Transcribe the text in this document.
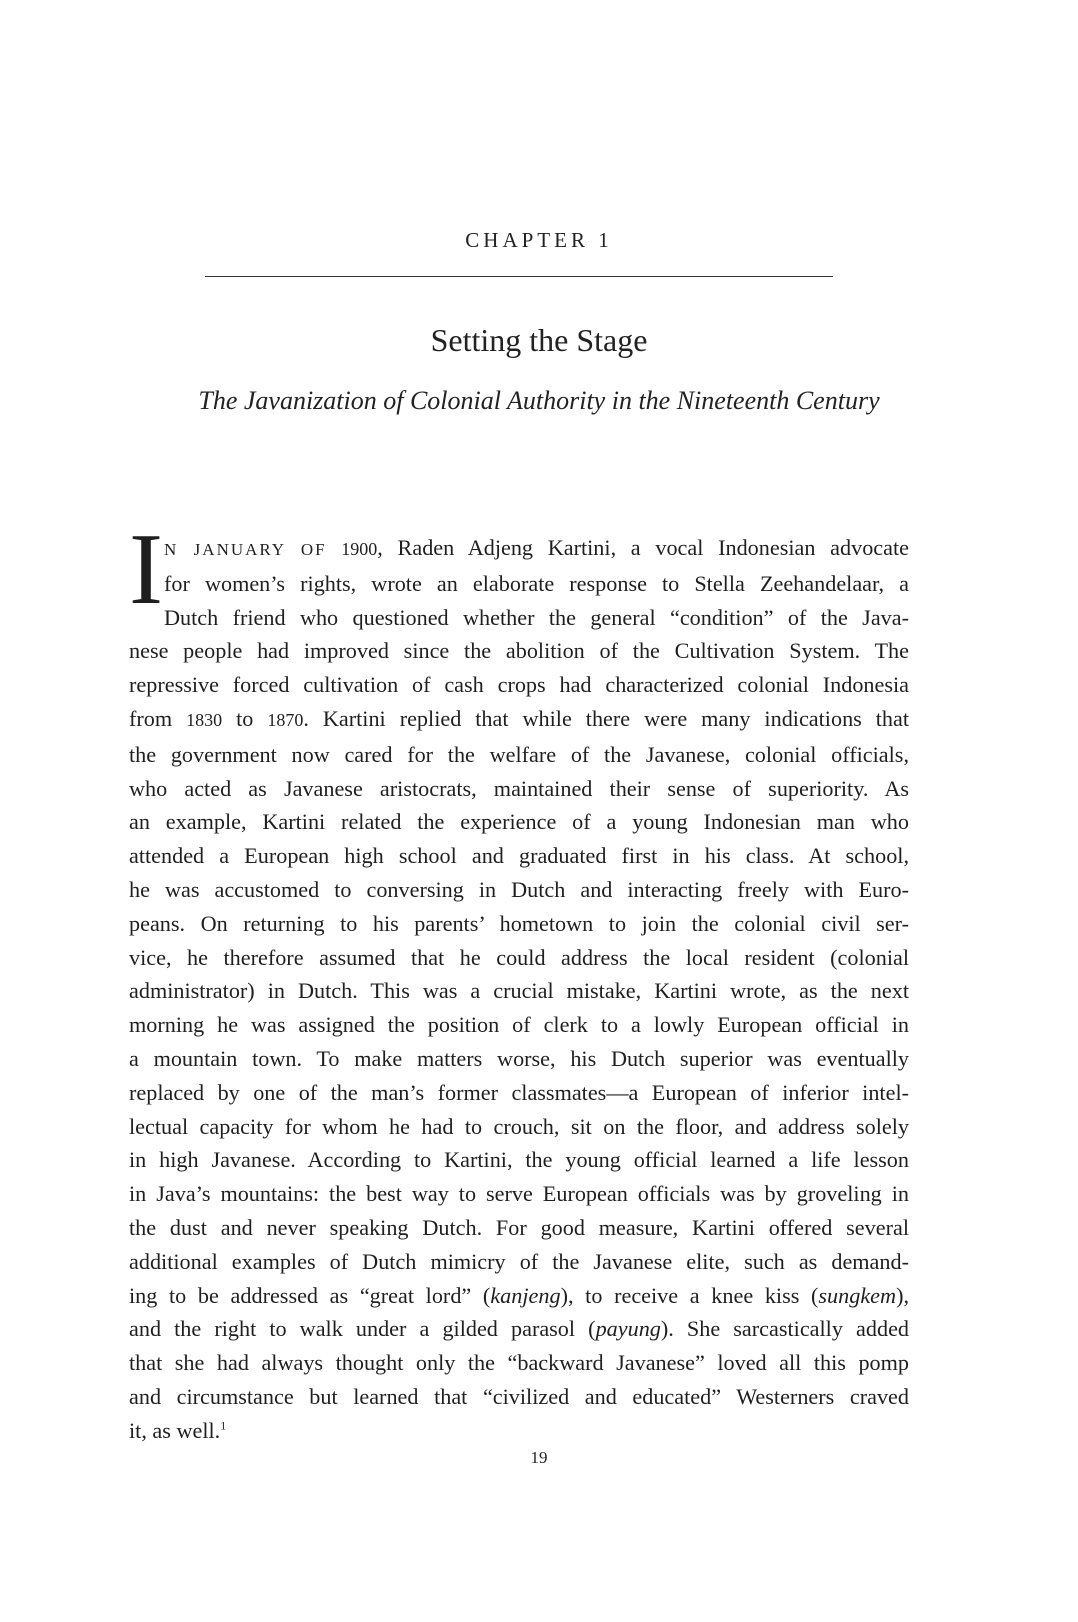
CHAPTER 1
Setting the Stage
The Javanization of Colonial Authority in the Nineteenth Century
I N JANUARY OF 1900, Raden Adjeng Kartini, a vocal Indonesian advocate
for women’s rights, wrote an elaborate response to Stella Zeehandelaar, a
Dutch friend who questioned whether the general “condition” of the Java-
nese people had improved since the abolition of the Cultivation System. The
repressive forced cultivation of cash crops had characterized colonial Indonesia
from 1830 to 1870. Kartini replied that while there were many indications that
the government now cared for the welfare of the Javanese, colonial officials,
who acted as Javanese aristocrats, maintained their sense of superiority. As
an example, Kartini related the experience of a young Indonesian man who
attended a European high school and graduated first in his class. At school,
he was accustomed to conversing in Dutch and interacting freely with Euro-
peans. On returning to his parents’ hometown to join the colonial civil ser-
vice, he therefore assumed that he could address the local resident (colonial
administrator) in Dutch. This was a crucial mistake, Kartini wrote, as the next
morning he was assigned the position of clerk to a lowly European official in
a mountain town. To make matters worse, his Dutch superior was eventually
replaced by one of the man’s former classmates—a European of inferior intel-
lectual capacity for whom he had to crouch, sit on the floor, and address solely
in high Javanese. According to Kartini, the young official learned a life lesson
in Java’s mountains: the best way to serve European officials was by groveling in
the dust and never speaking Dutch. For good measure, Kartini offered several
additional examples of Dutch mimicry of the Javanese elite, such as demand-
ing to be addressed as “great lord” (kanjeng), to receive a knee kiss (sungkem),
and the right to walk under a gilded parasol (payung). She sarcastically added
that she had always thought only the “backward Javanese” loved all this pomp
and circumstance but learned that “civilized and educated” Westerners craved
it, as well.$^1$
19
